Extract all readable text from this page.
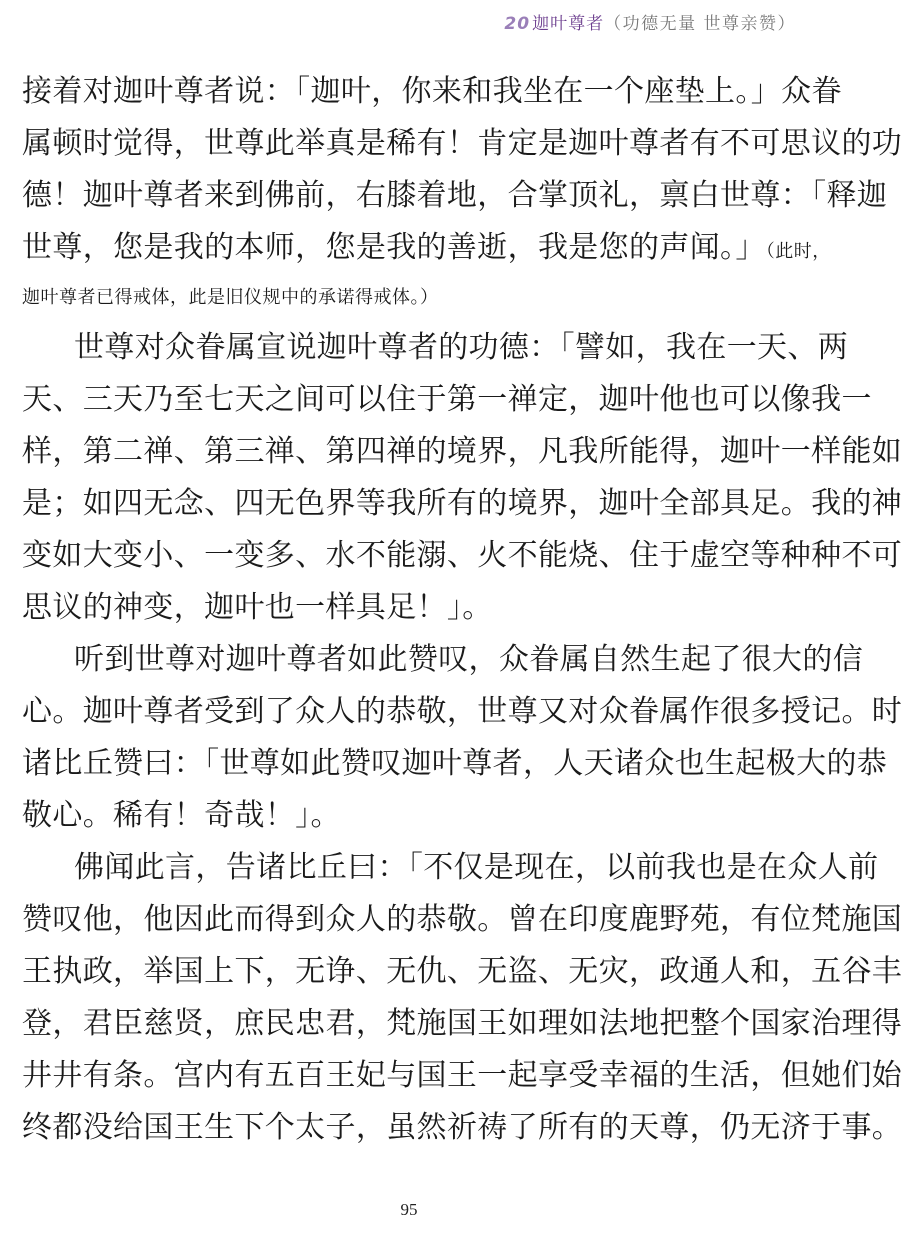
20 迦叶尊者（功德无量 世尊亲赞）
接着对迦叶尊者说：「迦叶，你来和我坐在一个座垫上。」众眷
属顿时觉得，世尊此举真是稀有！肯定是迦叶尊者有不可思议的功
德！迦叶尊者来到佛前，右膝着地，合掌顶礼，禀白世尊：「释迦
世尊，您是我的本师，您是我的善逝，我是您的声闻。」（此时，
迦叶尊者已得戒体，此是旧仪规中的承诺得戒体。）
世尊对众眷属宣说迦叶尊者的功德：「譬如，我在一天、两
天、三天乃至七天之间可以住于第一禅定，迦叶他也可以像我一
样，第二禅、第三禅、第四禅的境界，凡我所能得，迦叶一样能如
是；如四无念、四无色界等我所有的境界，迦叶全部具足。我的神
变如大变小、一变多、水不能溺、火不能烧、住于虚空等种种不可
思议的神变，迦叶也一样具足！」。
听到世尊对迦叶尊者如此赞叹，众眷属自然生起了很大的信
心。迦叶尊者受到了众人的恭敬，世尊又对众眷属作很多授记。时
诸比丘赞曰：「世尊如此赞叹迦叶尊者，人天诸众也生起极大的恭
敬心。稀有！奇哉！」。
佛闻此言，告诸比丘曰：「不仅是现在，以前我也是在众人前
赞叹他，他因此而得到众人的恭敬。曾在印度鹿野苑，有位梵施国
王执政，举国上下，无诤、无仇、无盗、无灾，政通人和，五谷丰
登，君臣慈贤，庶民忠君，梵施国王如理如法地把整个国家治理得
井井有条。宫内有五百王妃与国王一起享受幸福的生活，但她们始
终都没给国王生下个太子，虽然祈祷了所有的天尊，仍无济于事。
95
